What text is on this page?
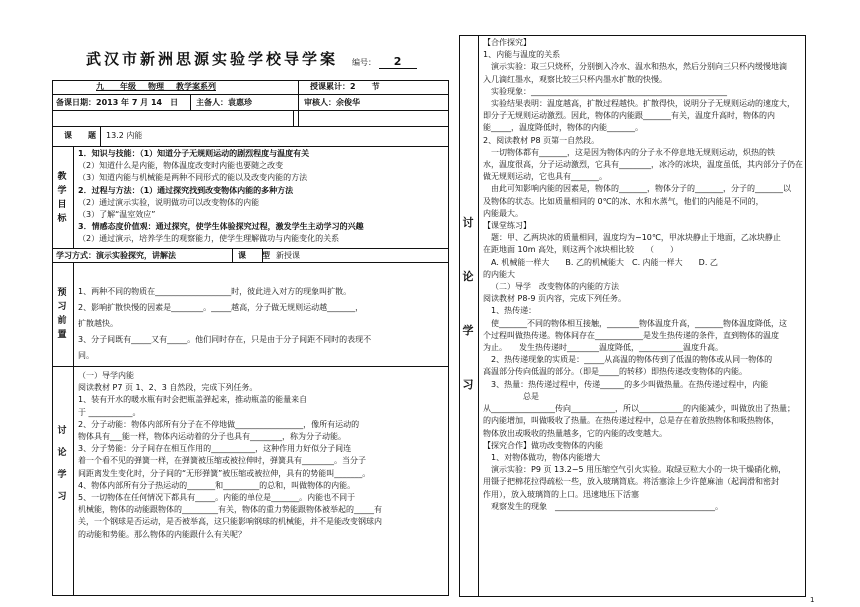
武汉市新洲思源实验学校导学案 编号： 2
九____年级___物理___教学案系列	授课累计：2　　节
备课日期：2013 年 7 月 14　日 主备人：袁惠珍	审核人：余俊华
课　　题 13.2 内能
教
学
目
标
1．知识与技能：（1）知道分子无规则运动的剧烈程度与温度有关
（2）知道什么是内能，物体温度改变时内能也要随之改变
（3）知道内能与机械能是两种不同形式的能以及改变内能的方法
2．过程与方法：（1）通过探究找到改变物体内能的多种方法
（2）通过演示实验，说明做功可以改变物体的内能
（3）了解“温室效应”
3．情感态度价值观：通过探究，使学生体验探究过程，激发学生主动学习的兴趣
（2）通过演示，培养学生的观察能力，使学生理解做功与内能变化的关系
学习方式：演示实验探究，讲解法	课　　型 新授课
预
习
前
置
1、两种不同的物质在___________________时，彼此进入对方的现象叫扩散。
2、影响扩散快慢的因素是________。_____越高，分子做无规则运动越_______，
扩散越快。
3、分子间既有_____又有_____。他们同时存在，只是由于分子间距不同时的表现不
同。
讨
论
学
习
（一）导学内能
阅读教材 P7 页 1、2、3 自然段，完成下列任务。
1、装有开水的暖水瓶有时会把瓶盖弹起来，推动瓶盖的能量来自
于 ___________。
2、分子动能：物体内部所有分子在不停地做_________________，像所有运动的
物体具有___能一样，物体内运动着的分子也具有________，称为分子动能。
3、分子势能：分子间存在相互作用的___________，这种作用力好似分子间连
着一个看不见的弹簧一样，在弹簧被压缩或被拉伸时，弹簧具有________。当分子
间距离发生变化时，分子间的“无形弹簧”被压缩或被拉伸，具有的势能叫_______。
4、物体内部所有分子热运动的_______和_________的总和，叫做物体的内能。
5、一切物体在任何情况下都具有_____。内能的单位是_______。内能也不同于
机械能，物体的动能跟物体的_________有关，物体的重力势能跟物体被举起的_____有
关，一个钢球是否运动，是否被举高，这只能影响钢球的机械能，并不是能改变钢球内
的动能和势能。那么物体的内能跟什么有关呢？
讨
论
学
习
【合作探究】
1、内能与温度的关系
演示实验：取三只烧杯，分别倒入冷水、温水和热水，然后分别向三只杯内缓慢地滴
入几滴红墨水，观察比较三只杯内墨水扩散的快慢。
实验现象：_________________________________________________
实验结果表明：温度越高，扩散过程越快。扩散得快，说明分子无规则运动的速度大，
即分子无规则运动激烈。因此，物体的内能跟_______有关，温度升高时，物体的内
能_____，温度降低时，物体的内能_______。
2、阅读教材 P8 页第一自然段。
一切物体都有_______，这是因为物体内的分子永不停息地无规则运动，炽热的铁
水，温度很高，分子运动激烈，它具有________，冰冷的冰块，温度虽低，其内部分子仍在
做无规则运动，它也具有_______。
由此可知影响内能的因素是，物体的_______，物体分子的_______，分子的_______以
及物体的状态。比如质量相同的 0℃的冰、水和水蒸气，他们的内能是不同的，
内能最大。
【课堂练习】
题：甲、乙两块冰的质量相同，温度均为−10℃，甲冰块静止于地面，乙冰块静止
在距地面 10m 高处，则这两个冰块相比较　　（　　）
A. 机械能一样大　　B. 乙的机械能大　C. 内能一样大　　D. 乙
的内能大
（二）导学　改变物体的内能的方法
阅读教材 P8-9 页内容，完成下列任务。
1、热传递：
使_______不同的物体相互接触，________物体温度升高，_______物体温度降低，这
个过程叫做热传递。物体间存在____________是发生热传递的条件，直到物体的温度
为止。　　发生热传递时________温度降低，___________温度升高。
2、热传递现象的实质是：_____从高温的物体传到了低温的物体或从同一物体的
高温部分传向低温的部分。（即是_____的转移）即热传递改变物体的内能。
3、热量：热传递过程中，传递______的多少叫做热量。在热传递过程中，内能
总是
从________________传向___________，所以___________的内能减少，叫做放出了热量；
的内能增加，叫做吸收了热量。在热传递过程中，总是存在着放热物体和吸热物体，
物体放出或吸收的热量越多，它的内能的改变越大。
【探究合作】做功改变物体的内能
1、对物体做功，物体内能增大
演示实验：P9 页 13.2−5 用压缩空气引火实验。取绿豆粒大小的一块干燥硝化棉，
用镊子把棉花拉得疏松一些，放入玻璃筒底。将活塞涂上少许蓖麻油（起润滑和密封
作用），放入玻璃筒的上口。迅速地压下活塞
观察发生的现象　________________________________________。
1
